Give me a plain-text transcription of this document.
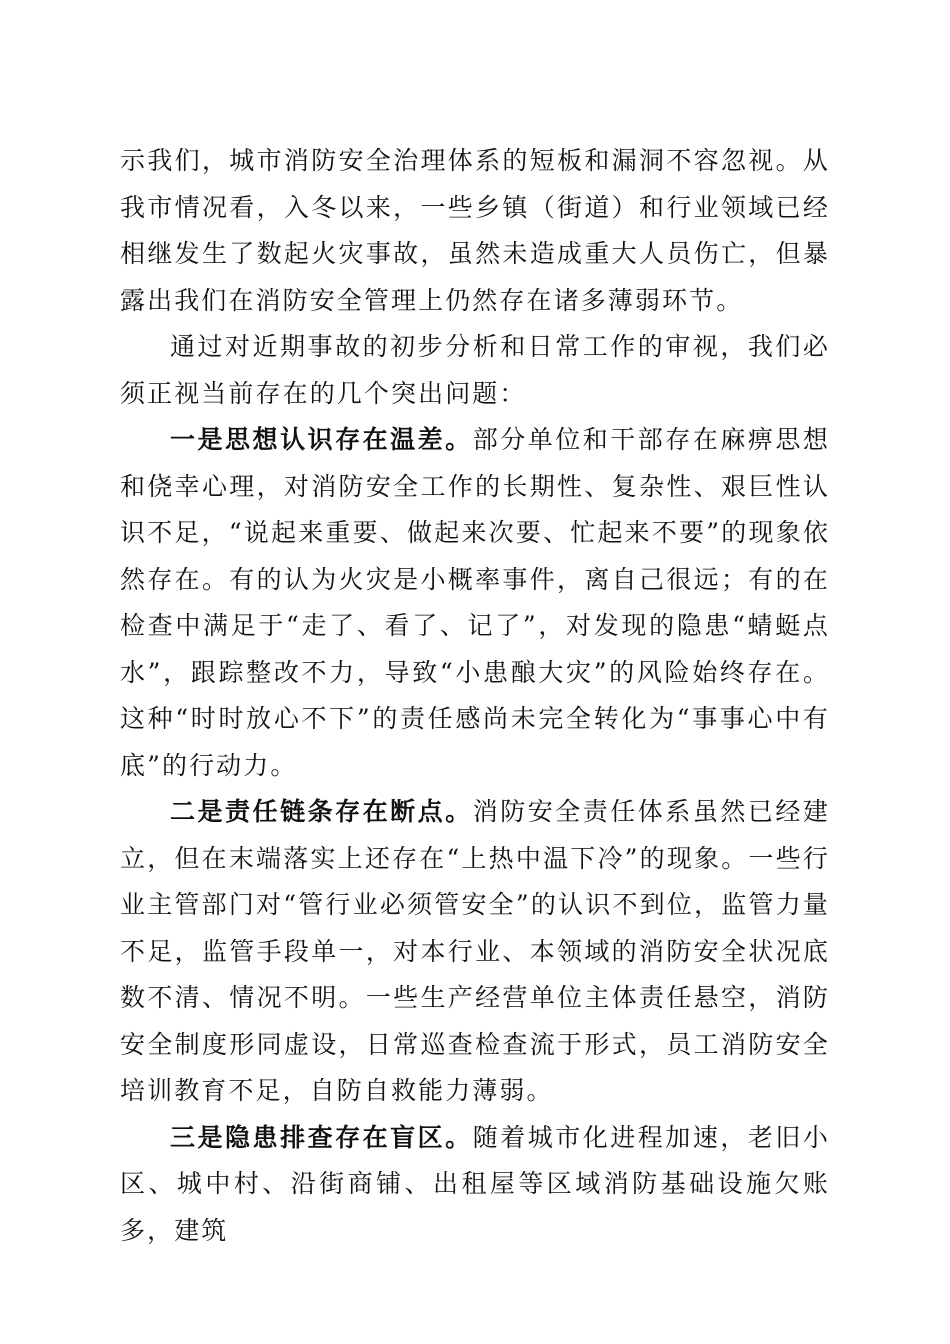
示我们，城市消防安全治理体系的短板和漏洞不容忽视。从我市情况看，入冬以来，一些乡镇（街道）和行业领域已经相继发生了数起火灾事故，虽然未造成重大人员伤亡，但暴露出我们在消防安全管理上仍然存在诸多薄弱环节。

通过对近期事故的初步分析和日常工作的审视，我们必须正视当前存在的几个突出问题：

一是思想认识存在温差。部分单位和干部存在麻痹思想和侥幸心理，对消防安全工作的长期性、复杂性、艰巨性认识不足，“说起来重要、做起来次要、忙起来不要”的现象依然存在。有的认为火灾是小概率事件，离自己很远；有的在检查中满足于“走了、看了、记了”，对发现的隐患“蜻蜓点水”，跟踪整改不力，导致“小患酿大灾”的风险始终存在。这种“时时放心不下”的责任感尚未完全转化为“事事心中有底”的行动力。

二是责任链条存在断点。消防安全责任体系虽然已经建立，但在末端落实上还存在“上热中温下冷”的现象。一些行业主管部门对“管行业必须管安全”的认识不到位，监管力量不足，监管手段单一，对本行业、本领域的消防安全状况底数不清、情况不明。一些生产经营单位主体责任悬空，消防安全制度形同虚设，日常巡查检查流于形式，员工消防安全培训教育不足，自防自救能力薄弱。

三是隐患排查存在盲区。随着城市化进程加速，老旧小区、城中村、沿街商铺、出租屋等区域消防基础设施欠账多，建筑
